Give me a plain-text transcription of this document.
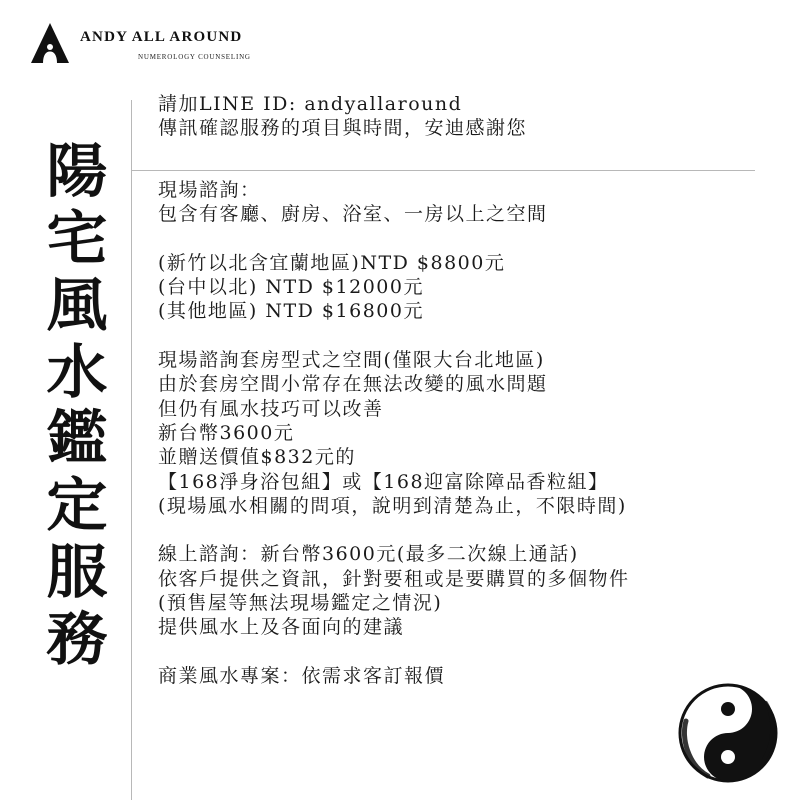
ANDY ALL AROUND
NUMEROLOGY COUNSELING
陽
宅
風
水
鑑
定
服
務
請加LINE ID: andyallaround
傳訊確認服務的項目與時間，安迪感謝您
現場諮詢：
包含有客廳、廚房、浴室、一房以上之空間
(新竹以北含宜蘭地區)NTD $8800元
(台中以北) NTD $12000元
(其他地區) NTD $16800元
現場諮詢套房型式之空間(僅限大台北地區)
由於套房空間小常存在無法改變的風水問題
但仍有風水技巧可以改善
新台幣3600元
並贈送價值$832元的
【168淨身浴包組】或【168迎富除障品香粒組】
(現場風水相關的問項，說明到清楚為止，不限時間)
線上諮詢：新台幣3600元(最多二次線上通話)
依客戶提供之資訊，針對要租或是要購買的多個物件
(預售屋等無法現場鑑定之情況)
提供風水上及各面向的建議
商業風水專案：依需求客訂報價
